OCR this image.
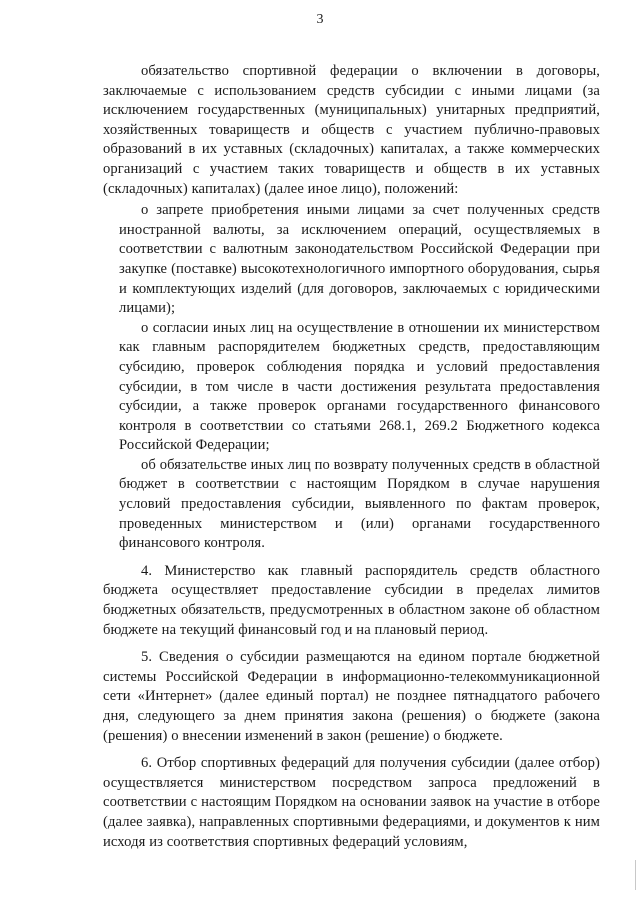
3

обязательство спортивной федерации о включении в договоры, заключаемые с использованием средств субсидии с иными лицами (за исключением государственных (муниципальных) унитарных предприятий, хозяйственных товариществ и обществ с участием публично-правовых образований в их уставных (складочных) капиталах, а также коммерческих организаций с участием таких товариществ и обществ в их уставных (складочных) капиталах) (далее иное лицо), положений:

о запрете приобретения иными лицами за счет полученных средств иностранной валюты, за исключением операций, осуществляемых в соответствии с валютным законодательством Российской Федерации при закупке (поставке) высокотехнологичного импортного оборудования, сырья и комплектующих изделий (для договоров, заключаемых с юридическими лицами);

о согласии иных лиц на осуществление в отношении их министерством как главным распорядителем бюджетных средств, предоставляющим субсидию, проверок соблюдения порядка и условий предоставления субсидии, в том числе в части достижения результата предоставления субсидии, а также проверок органами государственного финансового контроля в соответствии со статьями 268.1, 269.2 Бюджетного кодекса Российской Федерации;

об обязательстве иных лиц по возврату полученных средств в областной бюджет в соответствии с настоящим Порядком в случае нарушения условий предоставления субсидии, выявленного по фактам проверок, проведенных министерством и (или) органами государственного финансового контроля.

4. Министерство как главный распорядитель средств областного бюджета осуществляет предоставление субсидии в пределах лимитов бюджетных обязательств, предусмотренных в областном законе об областном бюджете на текущий финансовый год и на плановый период.

5. Сведения о субсидии размещаются на едином портале бюджетной системы Российской Федерации в информационно-телекоммуникационной сети «Интернет» (далее единый портал) не позднее пятнадцатого рабочего дня, следующего за днем принятия закона (решения) о бюджете (закона (решения) о внесении изменений в закон (решение) о бюджете.

6. Отбор спортивных федераций для получения субсидии (далее отбор) осуществляется министерством посредством запроса предложений в соответствии с настоящим Порядком на основании заявок на участие в отборе (далее заявка), направленных спортивными федерациями, и документов к ним исходя из соответствия спортивных федераций условиям,
